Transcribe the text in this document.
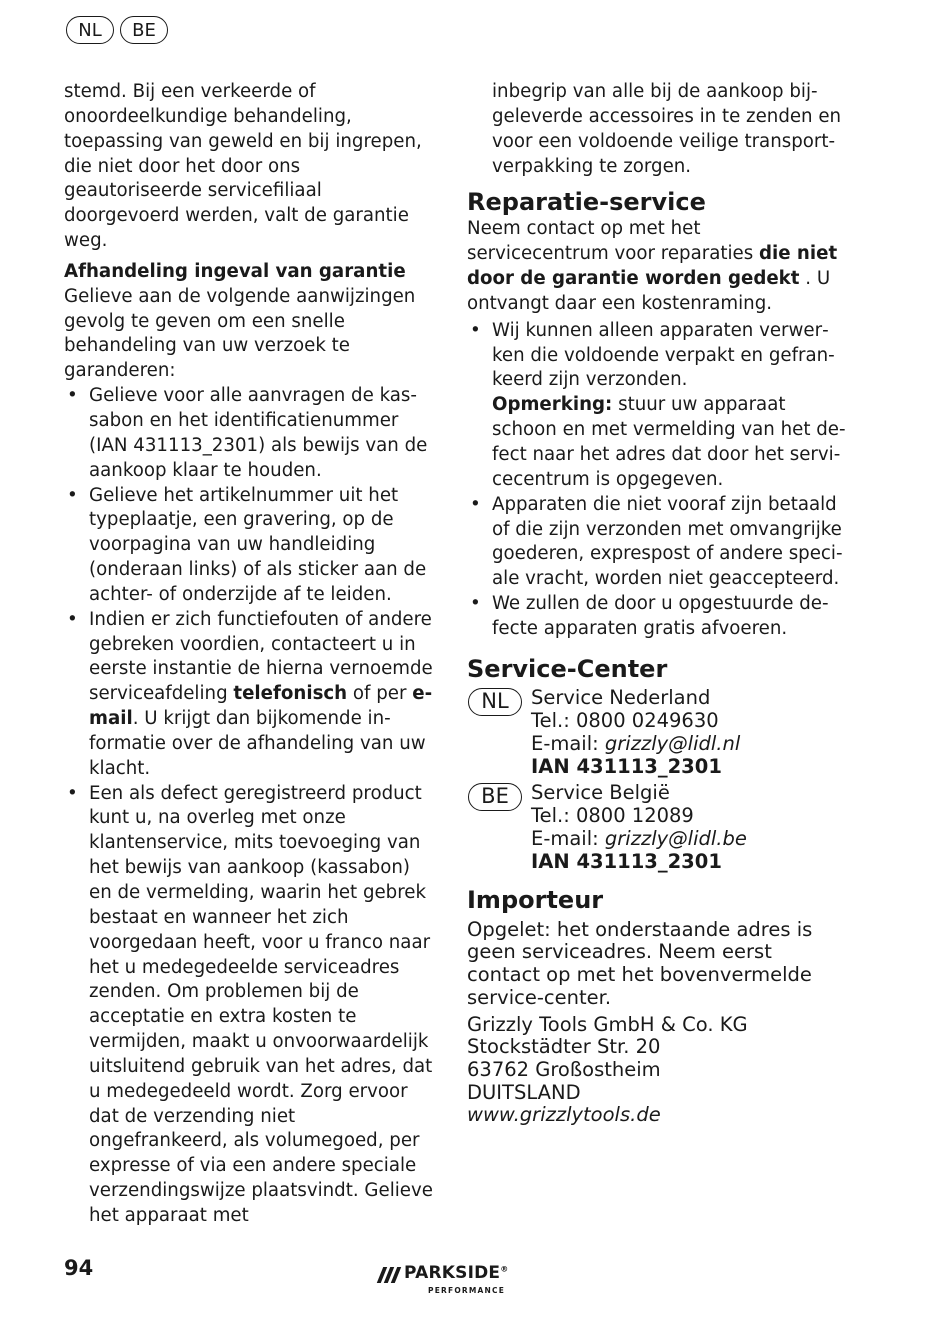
NL	BE

stemd. Bij een verkeerde of onoordeelkundige behandeling, toepassing van geweld en bij ingrepen, die niet door het door ons geautoriseerde servicefiliaal doorgevoerd werden, valt de garantie weg.

Afhandeling ingeval van garantie

Gelieve aan de volgende aanwijzingen gevolg te geven om een snelle behandeling van uw verzoek te garanderen:

• Gelieve voor alle aanvragen de kassabon en het identificatienummer (IAN 431113_2301) als bewijs van de aankoop klaar te houden.
• Gelieve het artikelnummer uit het typeplaatje, een gravering, op de voorpagina van uw handleiding (onderaan links) of als sticker aan de achter- of onderzijde af te leiden.
• Indien er zich functiefouten of andere gebreken voordien, contacteert u in eerste instantie de hierna vernoemde serviceafdeling telefonisch of per e-mail. U krijgt dan bijkomende informatie over de afhandeling van uw klacht.
• Een als defect geregistreerd product kunt u, na overleg met onze klantenservice, mits toevoeging van het bewijs van aankoop (kassabon) en de vermelding, waarin het gebrek bestaat en wanneer het zich voorgedaan heeft, voor u franco naar het u medegedeelde serviceadres zenden. Om problemen bij de acceptatie en extra kosten te vermijden, maakt u onvoorwaardelijk uitsluitend gebruik van het adres, dat u medegedeeld wordt. Zorg ervoor dat de verzending niet ongefrankeerd, als volumegoed, per expresse of via een andere speciale verzendingswijze plaatsvindt. Gelieve het apparaat met

inbegrip van alle bij de aankoop bijgeleverde accessoires in te zenden en voor een voldoende veilige transportverpakking te zorgen.

Reparatie-service

Neem contact op met het servicecentrum voor reparaties die niet door de garantie worden gedekt . U ontvangt daar een kostenraming.

• Wij kunnen alleen apparaten verwerken die voldoende verpakt en gefrankeerd zijn verzonden.
Opmerking: stuur uw apparaat schoon en met vermelding van het defect naar het adres dat door het servicecentrum is opgegeven.
• Apparaten die niet vooraf zijn betaald of die zijn verzonden met omvangrijke goederen, exprespost of andere speciale vracht, worden niet geaccepteerd.
• We zullen de door u opgestuurde defecte apparaten gratis afvoeren.
Service-Center
NL	Service Nederland
Tel.: 0800 0249630
E-mail: grizzly@lidl.nl
IAN 431113_2301
BE	Service België
Tel.: 0800 12089
E-mail: grizzly@lidl.be
IAN 431113_2301
Importeur

Opgelet: het onderstaande adres is geen serviceadres. Neem eerst contact op met het bovenvermelde service-center.

Grizzly Tools GmbH & Co. KG

Stockstädter Str. 20

63762 Großostheim

DUITSLAND

www.grizzlytools.de

94	PARKSIDE®
PERFORMANCE
